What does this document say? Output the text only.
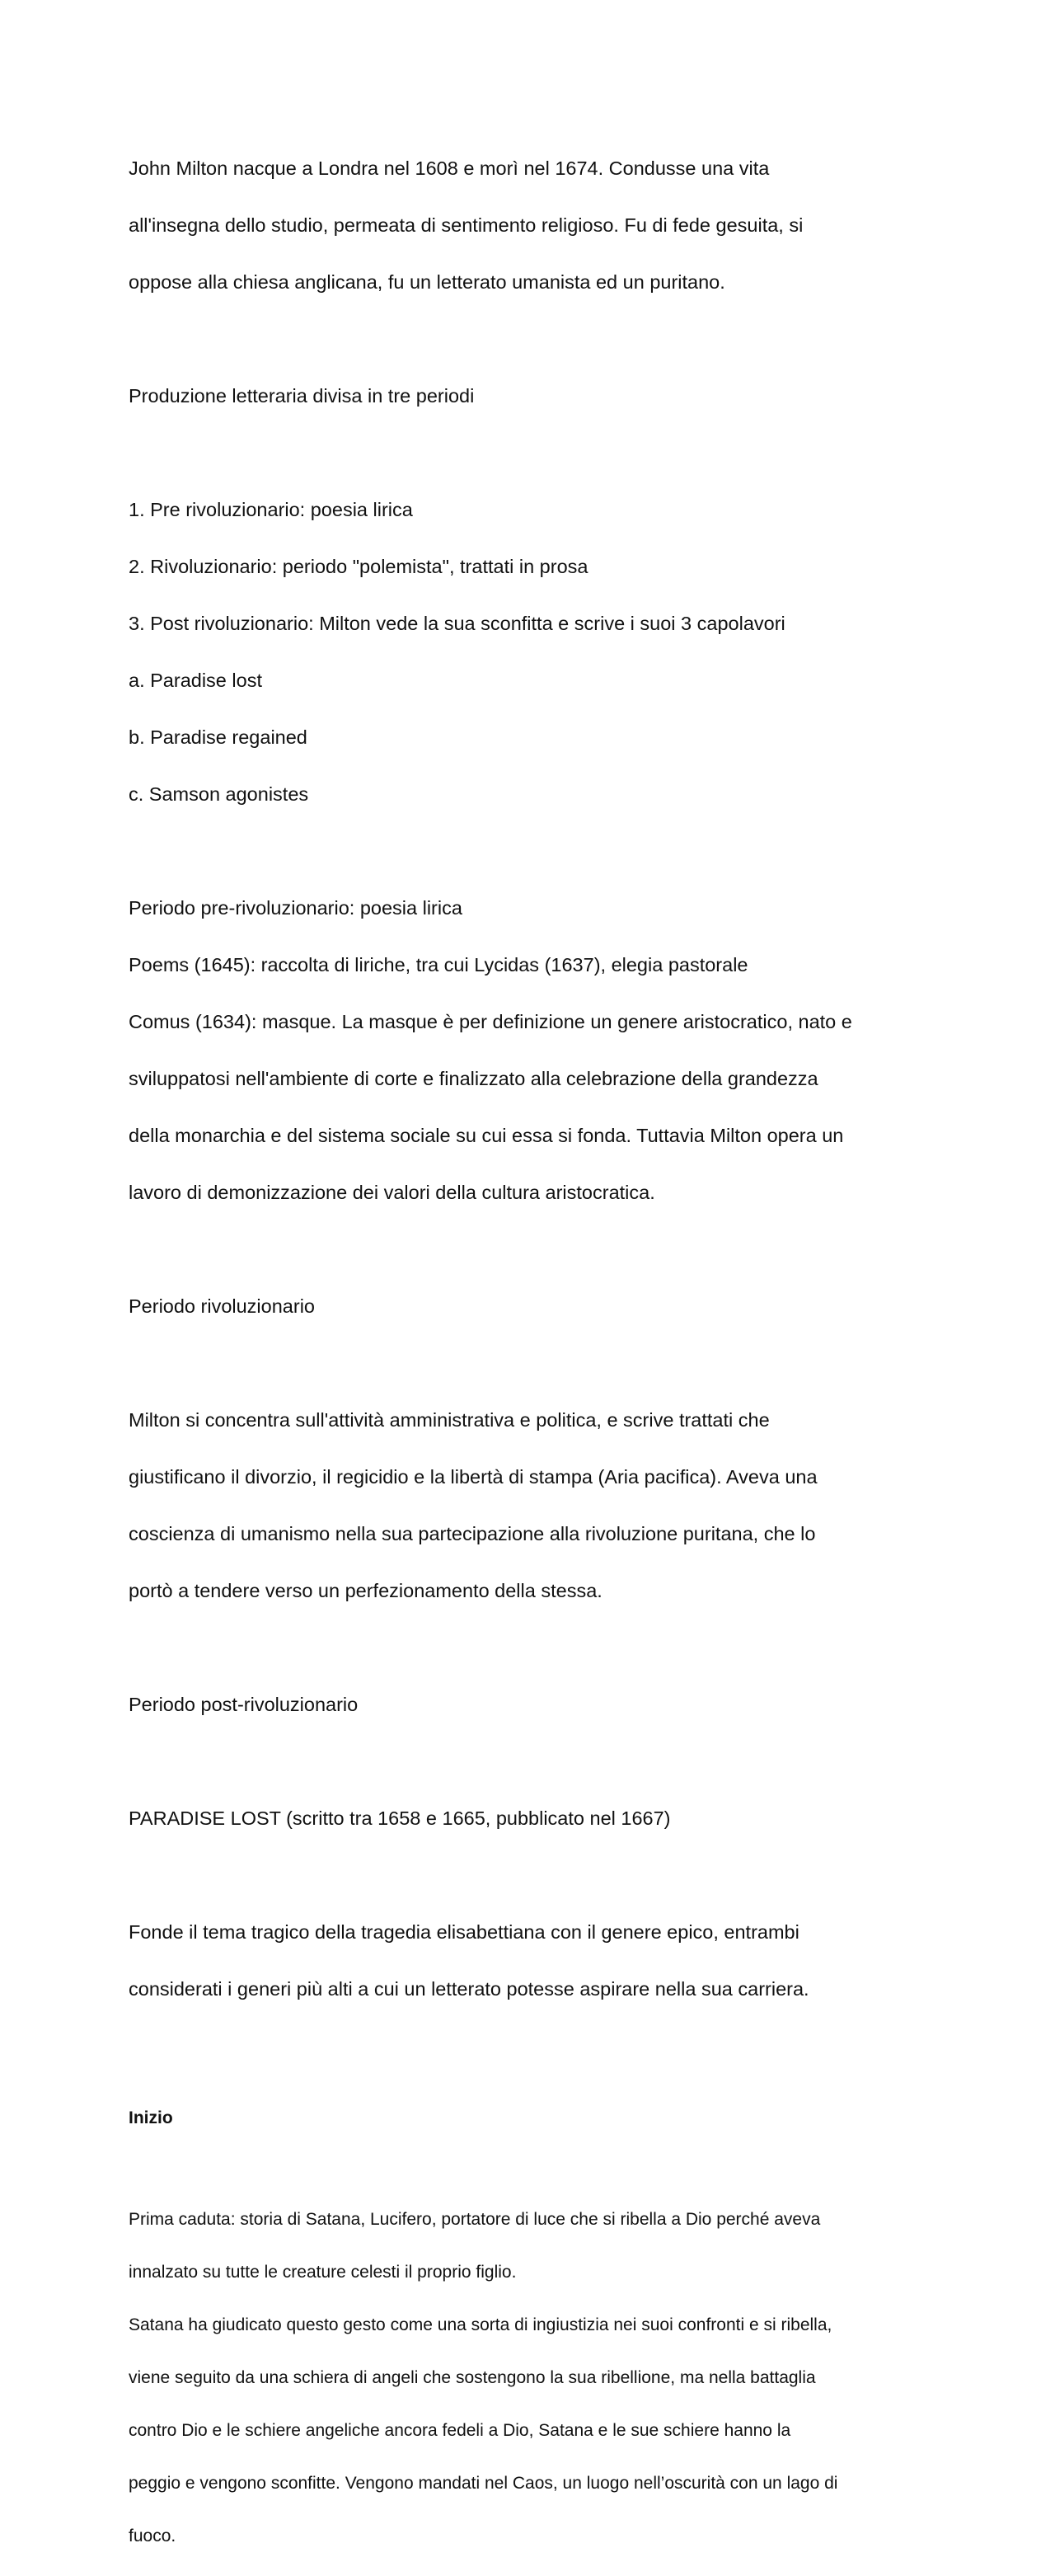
John Milton nacque a Londra nel 1608 e morì nel 1674. Condusse una vita

all'insegna dello studio, permeata di sentimento religioso. Fu di fede gesuita, si

oppose alla chiesa anglicana, fu un letterato umanista ed un puritano.

Produzione letteraria divisa in tre periodi

1. Pre rivoluzionario: poesia lirica

2. Rivoluzionario: periodo "polemista", trattati in prosa

3. Post rivoluzionario: Milton vede la sua sconfitta e scrive i suoi 3 capolavori

a. Paradise lost

b. Paradise regained

c. Samson agonistes

Periodo pre-rivoluzionario: poesia lirica

Poems (1645): raccolta di liriche, tra cui Lycidas (1637), elegia pastorale

Comus (1634): masque. La masque è per definizione un genere aristocratico, nato e

sviluppatosi nell'ambiente di corte e finalizzato alla celebrazione della grandezza

della monarchia e del sistema sociale su cui essa si fonda. Tuttavia Milton opera un

lavoro di demonizzazione dei valori della cultura aristocratica.

Periodo rivoluzionario

Milton si concentra sull'attività amministrativa e politica, e scrive trattati che

giustificano il divorzio, il regicidio e la libertà di stampa (Aria pacifica). Aveva una

coscienza di umanismo nella sua partecipazione alla rivoluzione puritana, che lo

portò a tendere verso un perfezionamento della stessa.

Periodo post-rivoluzionario

PARADISE LOST (scritto tra 1658 e 1665, pubblicato nel 1667)

Fonde il tema tragico della tragedia elisabettiana con il genere epico, entrambi

considerati i generi più alti a cui un letterato potesse aspirare nella sua carriera.

Inizio

Prima caduta: storia di Satana, Lucifero, portatore di luce che si ribella a Dio perché aveva

innalzato su tutte le creature celesti il proprio figlio.

Satana ha giudicato questo gesto come una sorta di ingiustizia nei suoi confronti e si ribella,

viene seguito da una schiera di angeli che sostengono la sua ribellione, ma nella battaglia

contro Dio e le schiere angeliche ancora fedeli a Dio, Satana e le sue schiere hanno la

peggio e vengono sconfitte. Vengono mandati nel Caos, un luogo nell’oscurità con un lago di

fuoco.
